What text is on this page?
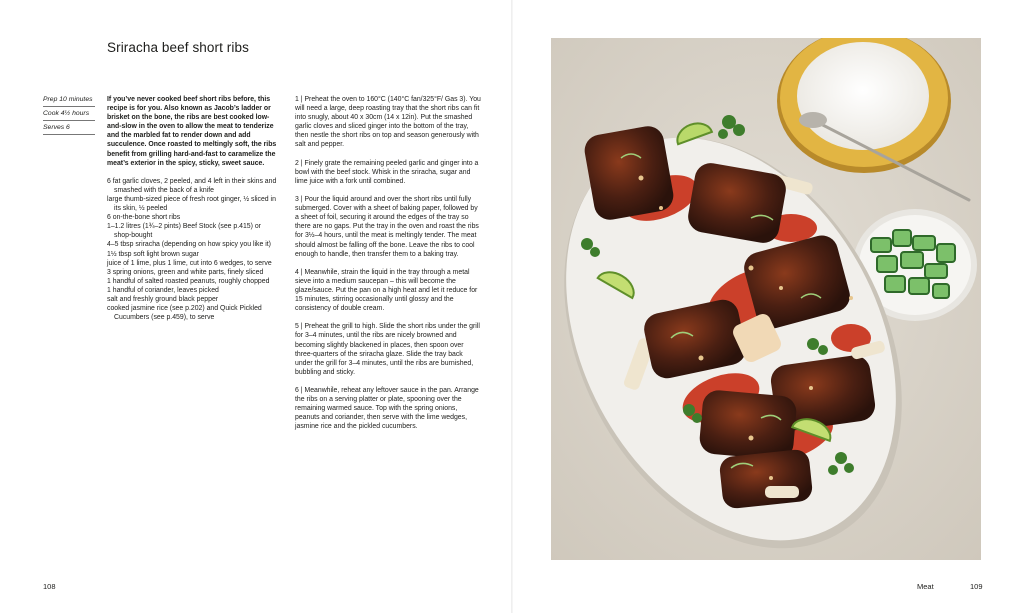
Sriracha beef short ribs
Prep 10 minutes
Cook 4½ hours
Serves 6
If you’ve never cooked beef short ribs before, this recipe is for you. Also known as Jacob’s ladder or brisket on the bone, the ribs are best cooked low-and-slow in the oven to allow the meat to tenderize and the marbled fat to render down and add succulence. Once roasted to meltingly soft, the ribs benefit from grilling hard-and-fast to caramelize the meat’s exterior in the spicy, sticky, sweet sauce.
6 fat garlic cloves, 2 peeled, and 4 left in their skins and smashed with the back of a knife
large thumb-sized piece of fresh root ginger, ½ sliced in its skin, ½ peeled
6 on-the-bone short ribs
1–1.2 litres (1¾–2 pints) Beef Stock (see p.415) or shop-bought
4–5 tbsp sriracha (depending on how spicy you like it)
1½ tbsp soft light brown sugar
juice of 1 lime, plus 1 lime, cut into 6 wedges, to serve
3 spring onions, green and white parts, finely sliced
1 handful of salted roasted peanuts, roughly chopped
1 handful of coriander, leaves picked
salt and freshly ground black pepper
cooked jasmine rice (see p.202) and Quick Pickled Cucumbers (see p.459), to serve
1 | Preheat the oven to 160°C (140°C fan/325°F/ Gas 3). You will need a large, deep roasting tray that the short ribs can fit into snugly, about 40 x 30cm (14 x 12in). Put the smashed garlic cloves and sliced ginger into the bottom of the tray, then nestle the short ribs on top and season generously with salt and pepper.
2 | Finely grate the remaining peeled garlic and ginger into a bowl with the beef stock. Whisk in the sriracha, sugar and lime juice with a fork until combined.
3 | Pour the liquid around and over the short ribs until fully submerged. Cover with a sheet of baking paper, followed by a sheet of foil, securing it around the edges of the tray so there are no gaps. Put the tray in the oven and roast the ribs for 3½–4 hours, until the meat is meltingly tender. The meat should almost be falling off the bone. Leave the ribs to cool enough to handle, then transfer them to a baking tray.
4 | Meanwhile, strain the liquid in the tray through a metal sieve into a medium saucepan – this will become the glaze/sauce. Put the pan on a high heat and let it reduce for 15 minutes, stirring occasionally until glossy and the consistency of double cream.
5 | Preheat the grill to high. Slide the short ribs under the grill for 3–4 minutes, until the ribs are nicely browned and becoming slightly blackened in places, then spoon over three-quarters of the sriracha glaze. Slide the tray back under the grill for 3–4 minutes, until the ribs are burnished, bubbling and sticky.
6 | Meanwhile, reheat any leftover sauce in the pan. Arrange the ribs on a serving platter or plate, spooning over the remaining warmed sauce. Top with the spring onions, peanuts and coriander, then serve with the lime wedges, jasmine rice and the pickled cucumbers.
108	Meat	109
